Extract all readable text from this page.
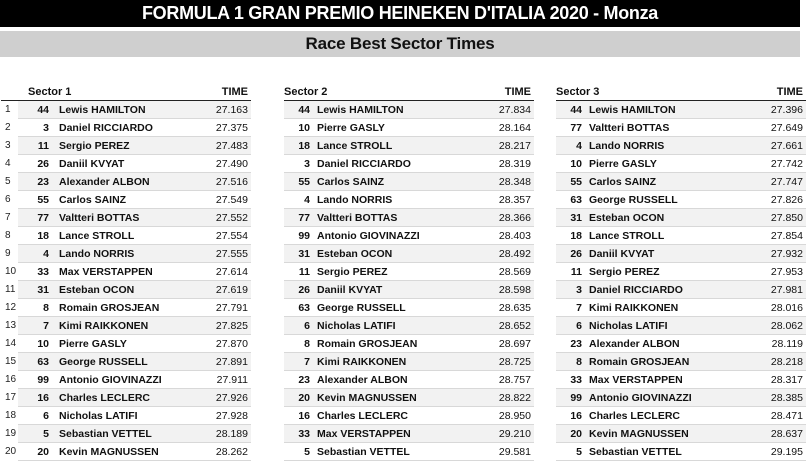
FORMULA 1 GRAN PREMIO HEINEKEN D'ITALIA 2020 - Monza
Race Best Sector Times
Sector 1	TIME
1	44 Lewis HAMILTON	27.163
2	3 Daniel RICCIARDO	27.375
3	11 Sergio PEREZ	27.483
4	26 Daniil KVYAT	27.490
5	23 Alexander ALBON	27.516
6	55 Carlos SAINZ	27.549
7	77 Valtteri BOTTAS	27.552
8	18 Lance STROLL	27.554
9	4 Lando NORRIS	27.555
10	33 Max VERSTAPPEN	27.614
11	31 Esteban OCON	27.619
12	8 Romain GROSJEAN	27.791
13	7 Kimi RAIKKONEN	27.825
14	10 Pierre GASLY	27.870
15	63 George RUSSELL	27.891
16	99 Antonio GIOVINAZZI	27.911
17	16 Charles LECLERC	27.926
18	6 Nicholas LATIFI	27.928
19	5 Sebastian VETTEL	28.189
20	20 Kevin MAGNUSSEN	28.262
Sector 2	TIME
44 Lewis HAMILTON	27.834
10 Pierre GASLY	28.164
18 Lance STROLL	28.217
3 Daniel RICCIARDO	28.319
55 Carlos SAINZ	28.348
4 Lando NORRIS	28.357
77 Valtteri BOTTAS	28.366
99 Antonio GIOVINAZZI	28.403
31 Esteban OCON	28.492
11 Sergio PEREZ	28.569
26 Daniil KVYAT	28.598
63 George RUSSELL	28.635
6 Nicholas LATIFI	28.652
8 Romain GROSJEAN	28.697
7 Kimi RAIKKONEN	28.725
23 Alexander ALBON	28.757
20 Kevin MAGNUSSEN	28.822
16 Charles LECLERC	28.950
33 Max VERSTAPPEN	29.210
5 Sebastian VETTEL	29.581
Sector 3	TIME
44 Lewis HAMILTON	27.396
77 Valtteri BOTTAS	27.649
4 Lando NORRIS	27.661
10 Pierre GASLY	27.742
55 Carlos SAINZ	27.747
63 George RUSSELL	27.826
31 Esteban OCON	27.850
18 Lance STROLL	27.854
26 Daniil KVYAT	27.932
11 Sergio PEREZ	27.953
3 Daniel RICCIARDO	27.981
7 Kimi RAIKKONEN	28.016
6 Nicholas LATIFI	28.062
23 Alexander ALBON	28.119
8 Romain GROSJEAN	28.218
33 Max VERSTAPPEN	28.317
99 Antonio GIOVINAZZI	28.385
16 Charles LECLERC	28.471
20 Kevin MAGNUSSEN	28.637
5 Sebastian VETTEL	29.195
